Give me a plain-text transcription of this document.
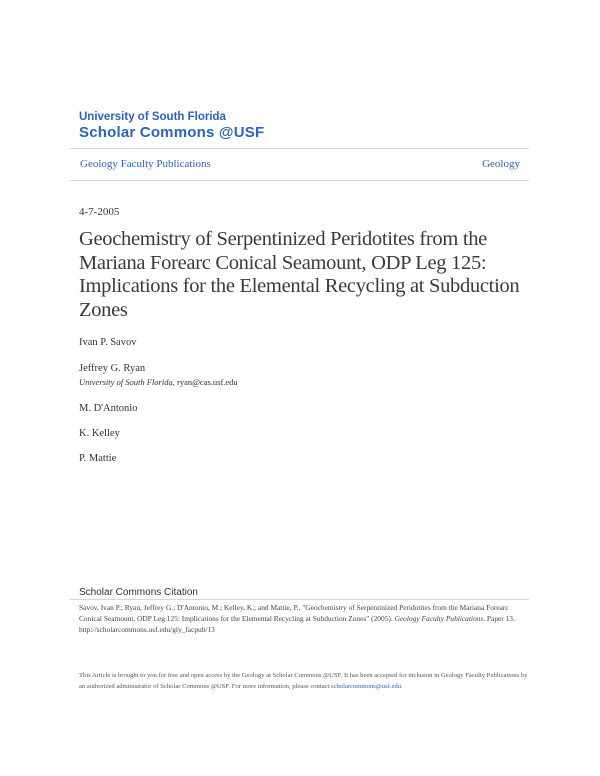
University of South Florida
Scholar Commons @USF
Geology Faculty Publications	Geology
4-7-2005
Geochemistry of Serpentinized Peridotites from the Mariana Forearc Conical Seamount, ODP Leg 125: Implications for the Elemental Recycling at Subduction Zones
Ivan P. Savov
Jeffrey G. Ryan
University of South Florida, ryan@cas.usf.edu
M. D'Antonio
K. Kelley
P. Mattie
Scholar Commons Citation
Savov, Ivan P.; Ryan, Jeffrey G.; D'Antonio, M.; Kelley, K.; and Mattie, P., "Geochemistry of Serpentinized Peridotites from the Mariana Forearc Conical Seamount, ODP Leg 125: Implications for the Elemental Recycling at Subduction Zones" (2005). Geology Faculty Publications. Paper 13.
http://scholarcommons.usf.edu/gly_facpub/13
This Article is brought to you for free and open access by the Geology at Scholar Commons @USF. It has been accepted for inclusion in Geology Faculty Publications by an authorized administrator of Scholar Commons @USF. For more information, please contact scholarcommons@usf.edu.
